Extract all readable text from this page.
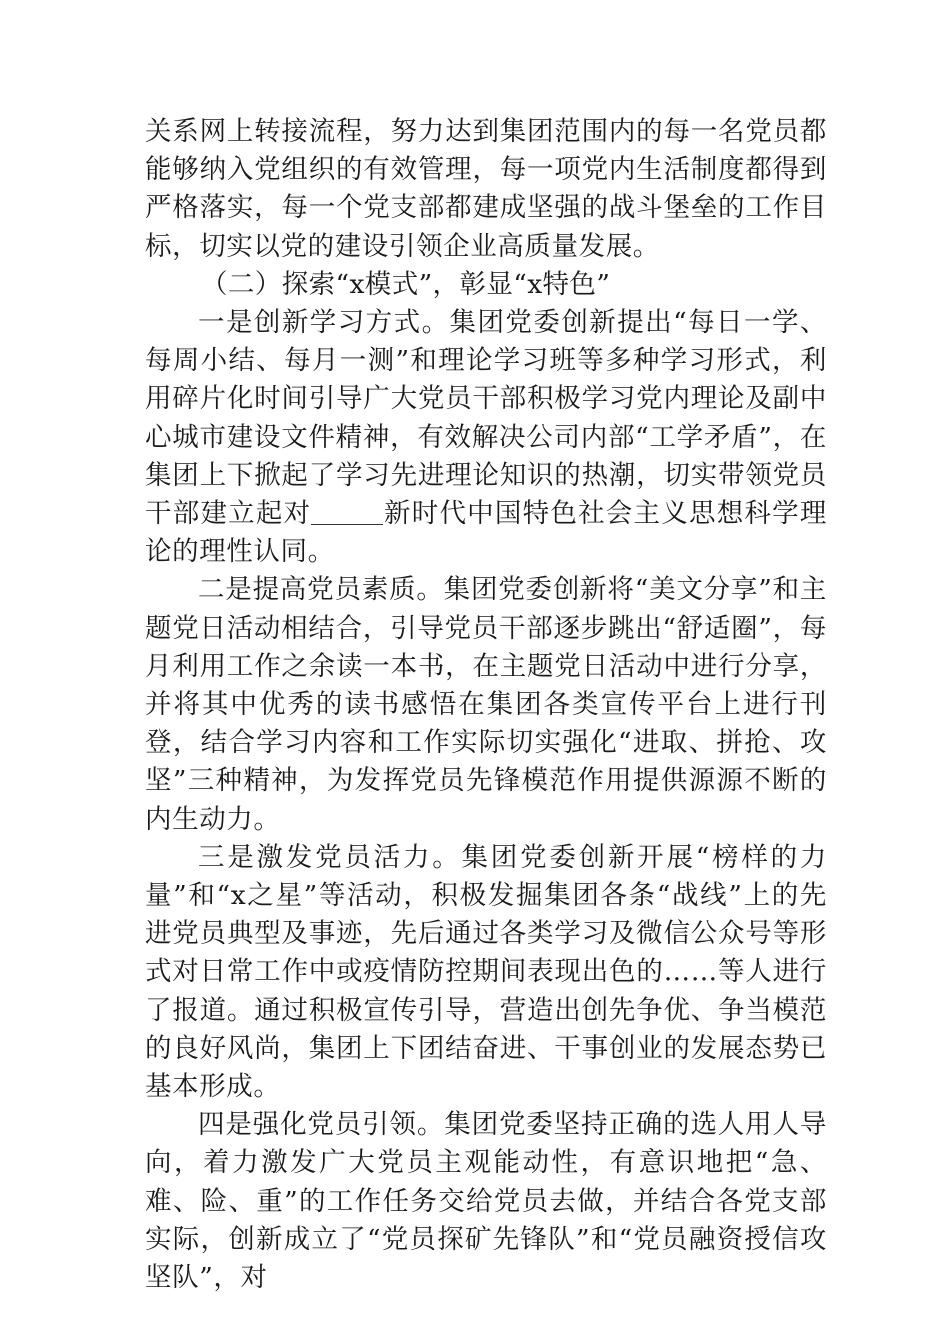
关系网上转接流程，努力达到集团范围内的每一名党员都能够纳入党组织的有效管理，每一项党内生活制度都得到严格落实，每一个党支部都建成坚强的战斗堡垒的工作目标，切实以党的建设引领企业高质量发展。

（二）探索“x模式”，彰显“x特色”

一是创新学习方式。集团党委创新提出“每日一学、每周小结、每月一测”和理论学习班等多种学习形式，利用碎片化时间引导广大党员干部积极学习党内理论及副中心城市建设文件精神，有效解决公司内部“工学矛盾”，在集团上下掀起了学习先进理论知识的热潮，切实带领党员干部建立起对	新时代中国特色社会主义思想科学理论的理性认同。

二是提高党员素质。集团党委创新将“美文分享”和主题党日活动相结合，引导党员干部逐步跳出“舒适圈”，每月利用工作之余读一本书，在主题党日活动中进行分享，并将其中优秀的读书感悟在集团各类宣传平台上进行刊登，结合学习内容和工作实际切实强化“进取、拼抢、攻坚”三种精神，为发挥党员先锋模范作用提供源源不断的内生动力。

三是激发党员活力。集团党委创新开展“榜样的力量”和“x之星”等活动，积极发掘集团各条“战线”上的先进党员典型及事迹，先后通过各类学习及微信公众号等形式对日常工作中或疫情防控期间表现出色的……等人进行了报道。通过积极宣传引导，营造出创先争优、争当模范的良好风尚，集团上下团结奋进、干事创业的发展态势已基本形成。

四是强化党员引领。集团党委坚持正确的选人用人导向，着力激发广大党员主观能动性，有意识地把“急、难、险、重”的工作任务交给党员去做，并结合各党支部实际，创新成立了“党员探矿先锋队”和“党员融资授信攻坚队”，对
